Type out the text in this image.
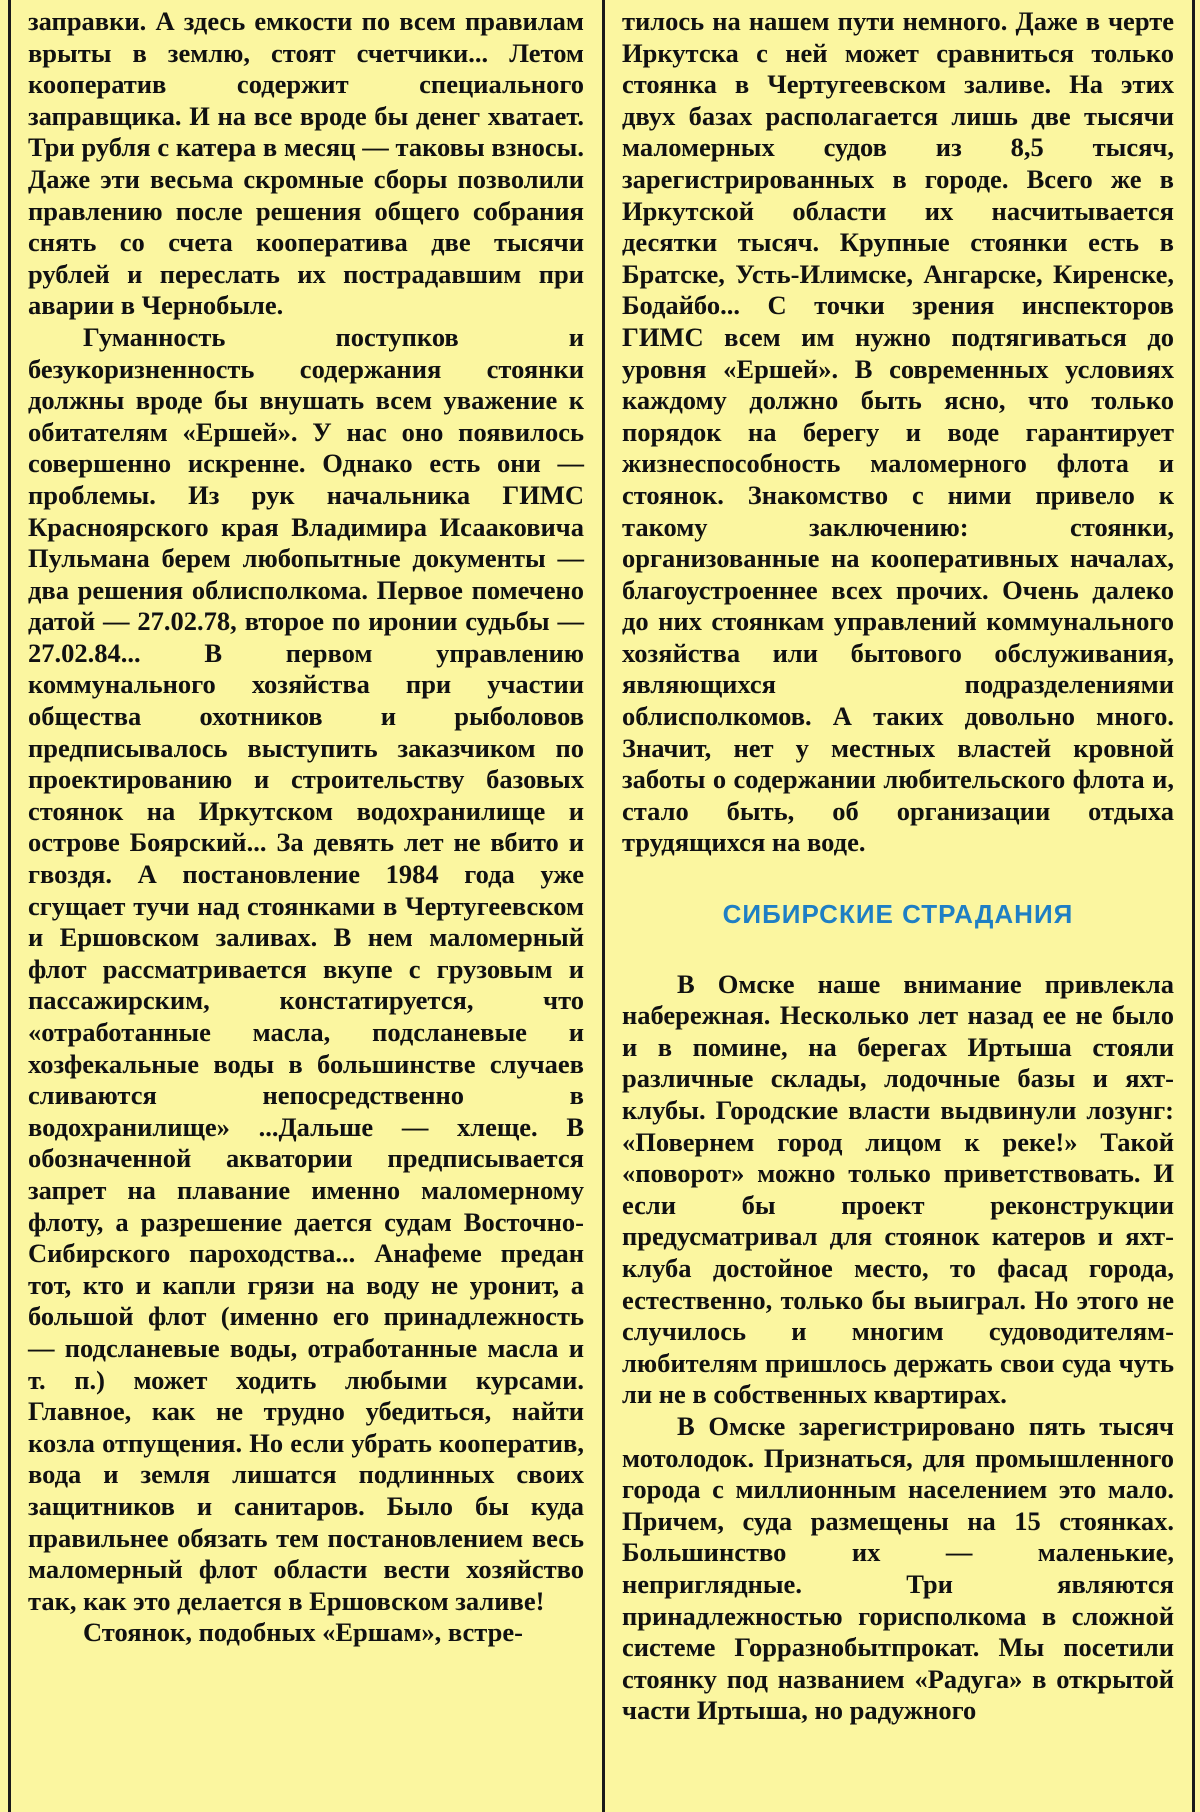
заправки. А здесь емкости по всем правилам врыты в землю, стоят счетчики... Летом кооператив содержит специального заправщика. И на все вроде бы денег хватает. Три рубля с катера в месяц — таковы взносы. Даже эти весьма скромные сборы позволили правлению после решения общего собрания снять со счета кооператива две тысячи рублей и переслать их пострадавшим при аварии в Чернобыле.

Гуманность поступков и безукоризненность содержания стоянки должны вроде бы внушать всем уважение к обитателям «Ершей». У нас оно появилось совершенно искренне. Однако есть они — проблемы. Из рук начальника ГИМС Красноярского края Владимира Исааковича Пульмана берем любопытные документы — два решения облисполкома. Первое помечено датой — 27.02.78, второе по иронии судьбы — 27.02.84... В первом управлению коммунального хозяйства при участии общества охотников и рыболовов предписывалось выступить заказчиком по проектированию и строительству базовых стоянок на Иркутском водохранилище и острове Боярский... За девять лет не вбито и гвоздя. А постановление 1984 года уже сгущает тучи над стоянками в Чертугеевском и Ершовском заливах. В нем маломерный флот рассматривается вкупе с грузовым и пассажирским, констатируется, что «отработанные масла, подсланевые и хозфекальные воды в большинстве случаев сливаются непосредственно в водохранилище» ...Дальше — хлеще. В обозначенной акватории предписывается запрет на плавание именно маломерному флоту, а разрешение дается судам Восточно-Сибирского пароходства... Анафеме предан тот, кто и капли грязи на воду не уронит, а большой флот (именно его принадлежность — подсланевые воды, отработанные масла и т. п.) может ходить любыми курсами. Главное, как не трудно убедиться, найти козла отпущения. Но если убрать кооператив, вода и земля лишатся подлинных своих защитников и санитаров. Было бы куда правильнее обязать тем постановлением весь маломерный флот области вести хозяйство так, как это делается в Ершовском заливе!

Стоянок, подобных «Ершам», встре-

тилось на нашем пути немного. Даже в черте Иркутска с ней может сравниться только стоянка в Чертугеевском заливе. На этих двух базах располагается лишь две тысячи маломерных судов из 8,5 тысяч, зарегистрированных в городе. Всего же в Иркутской области их насчитывается десятки тысяч. Крупные стоянки есть в Братске, Усть-Илимске, Ангарске, Киренске, Бодайбо... С точки зрения инспекторов ГИМС всем им нужно подтягиваться до уровня «Ершей». В современных условиях каждому должно быть ясно, что только порядок на берегу и воде гарантирует жизнеспособность маломерного флота и стоянок. Знакомство с ними привело к такому заключению: стоянки, организованные на кооперативных началах, благоустроеннее всех прочих. Очень далеко до них стоянкам управлений коммунального хозяйства или бытового обслуживания, являющихся подразделениями облисполкомов. А таких довольно много. Значит, нет у местных властей кровной заботы о содержании любительского флота и, стало быть, об организации отдыха трудящихся на воде.

СИБИРСКИЕ СТРАДАНИЯ

В Омске наше внимание привлекла набережная. Несколько лет назад ее не было и в помине, на берегах Иртыша стояли различные склады, лодочные базы и яхт-клубы. Городские власти выдвинули лозунг: «Повернем город лицом к реке!» Такой «поворот» можно только приветствовать. И если бы проект реконструкции предусматривал для стоянок катеров и яхт-клуба достойное место, то фасад города, естественно, только бы выиграл. Но этого не случилось и многим судоводителям-любителям пришлось держать свои суда чуть ли не в собственных квартирах.

В Омске зарегистрировано пять тысяч мотолодок. Признаться, для промышленного города с миллионным населением это мало. Причем, суда размещены на 15 стоянках. Большинство их — маленькие, неприглядные. Три являются принадлежностью горисполкома в сложной системе Горразнобытпрокат. Мы посетили стоянку под названием «Радуга» в открытой части Иртыша, но радужного
